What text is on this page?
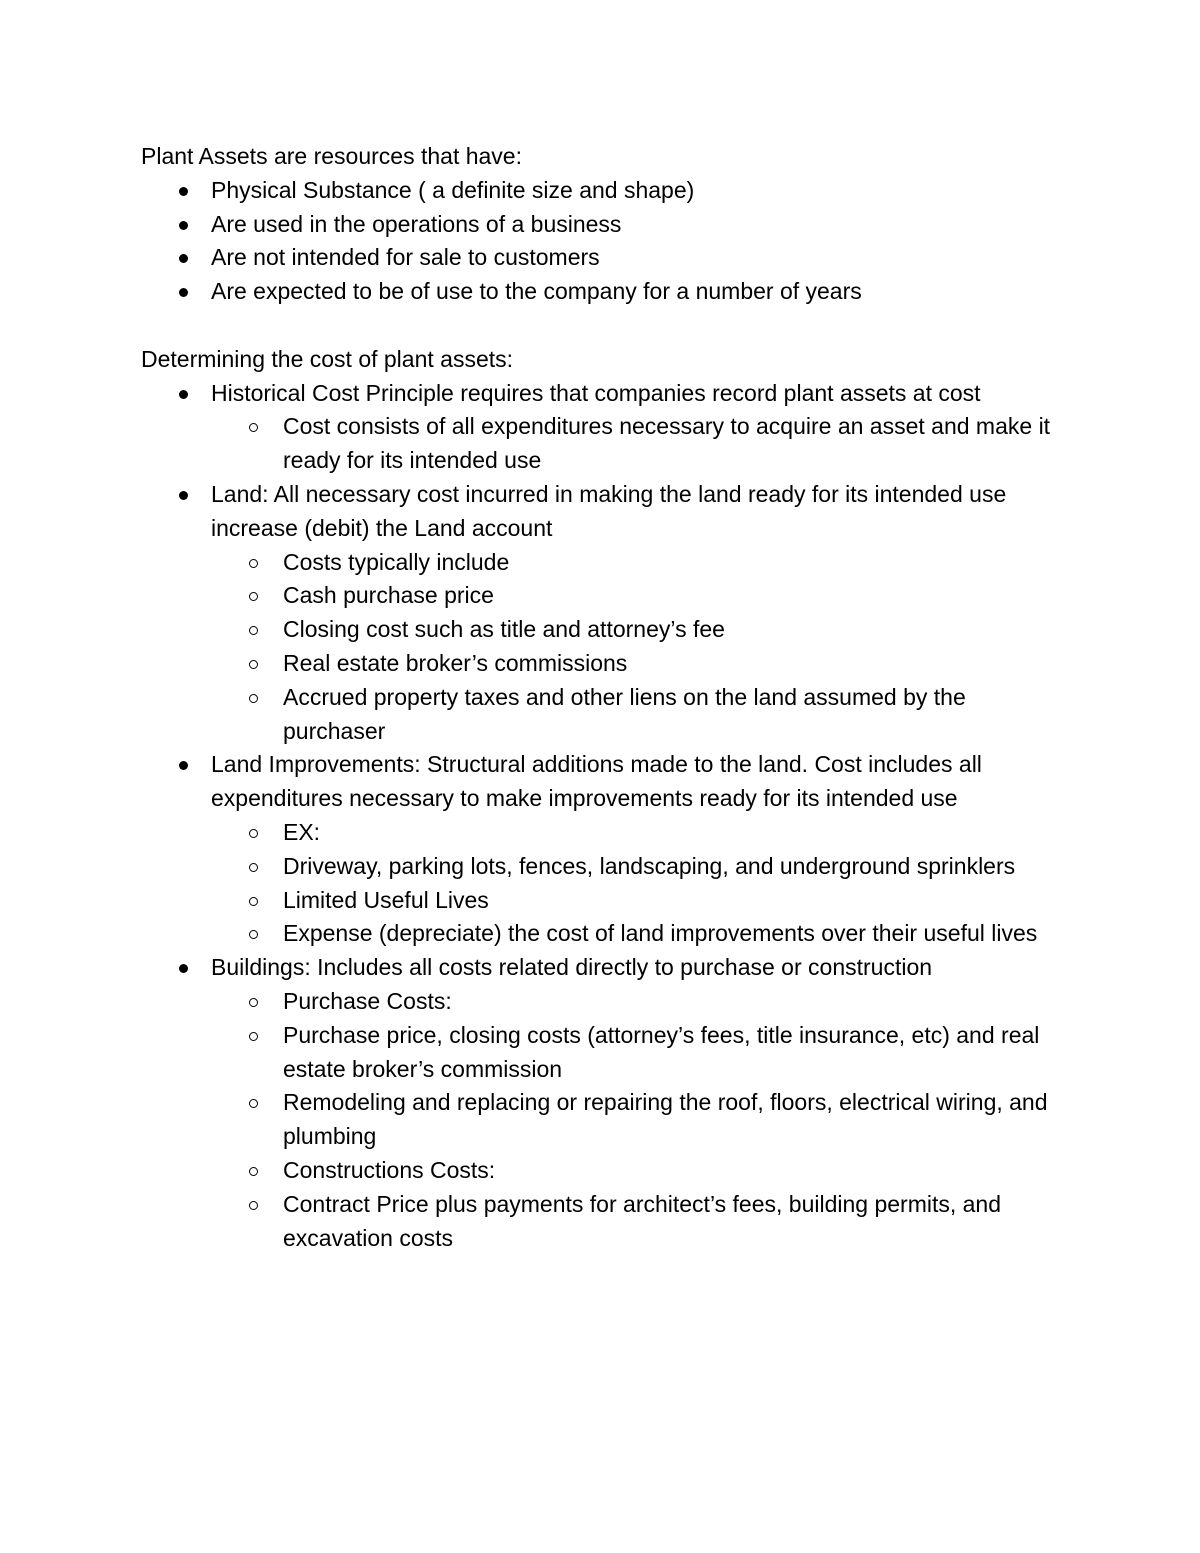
Plant Assets are resources that have:

Physical Substance ( a definite size and shape)
Are used in the operations of a business
Are not intended for sale to customers
Are expected to be of use to the company for a number of years

Determining the cost of plant assets:

Historical Cost Principle requires that companies record plant assets at cost
Cost consists of all expenditures necessary to acquire an asset and make it ready for its intended use
Land: All necessary cost incurred in making the land ready for its intended use increase (debit) the Land account
Costs typically include
Cash purchase price
Closing cost such as title and attorney’s fee
Real estate broker’s commissions
Accrued property taxes and other liens on the land assumed by the purchaser
Land Improvements: Structural additions made to the land. Cost includes all expenditures necessary to make improvements ready for its intended use
EX:
Driveway, parking lots, fences, landscaping, and underground sprinklers
Limited Useful Lives
Expense (depreciate) the cost of land improvements over their useful lives
Buildings: Includes all costs related directly to purchase or construction
Purchase Costs:
Purchase price, closing costs (attorney’s fees, title insurance, etc) and real estate broker’s commission
Remodeling and replacing or repairing the roof, floors, electrical wiring, and plumbing
Constructions Costs:
Contract Price plus payments for architect’s fees, building permits, and excavation costs
